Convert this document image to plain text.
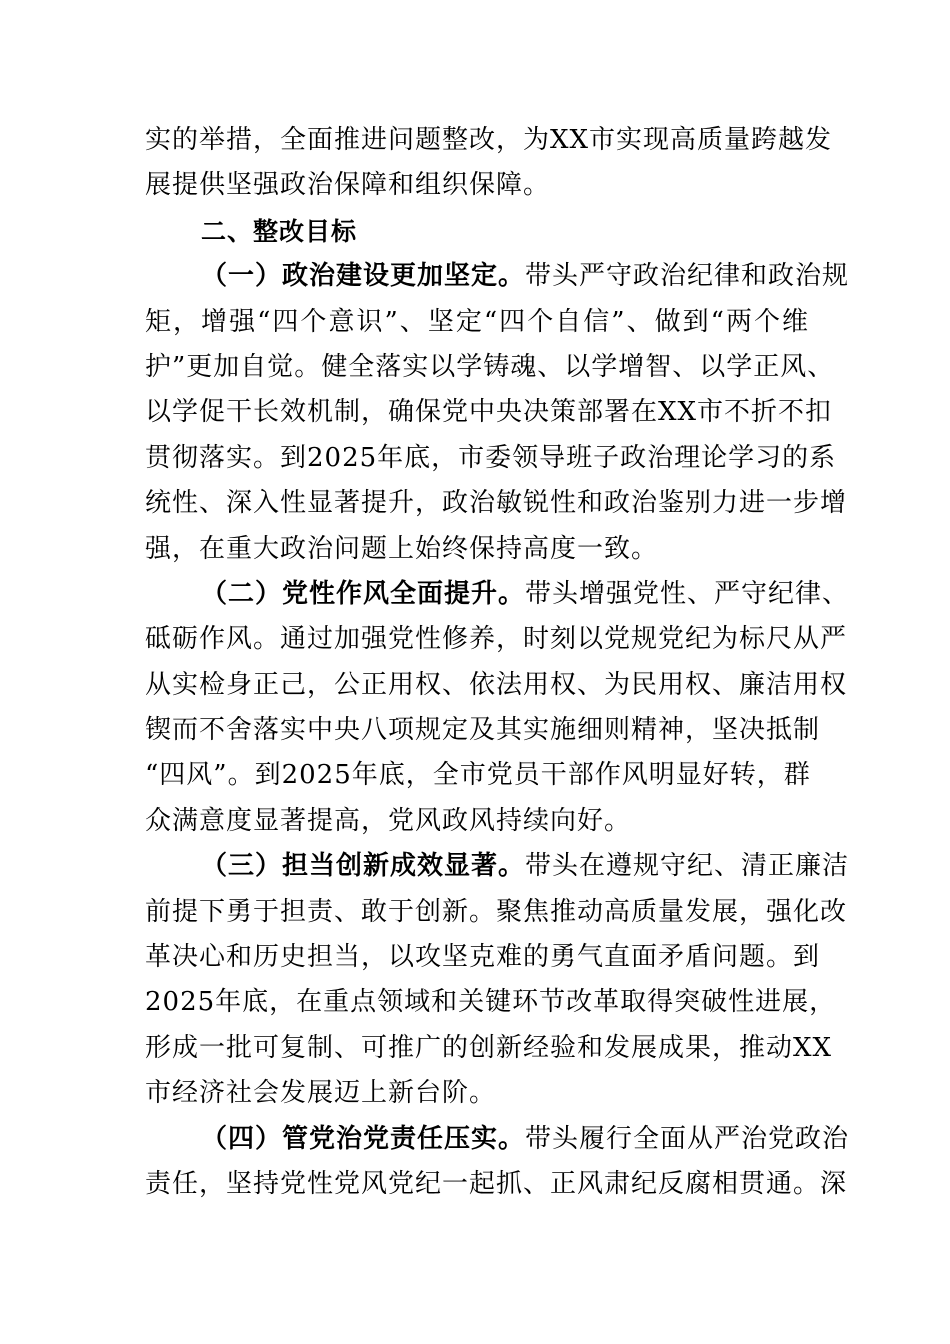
实的举措，全面推进问题整改，为XX市实现高质量跨越发
展提供坚强政治保障和组织保障。
二、整改目标
（一）政治建设更加坚定。带头严守政治纪律和政治规
矩，增强“四个意识”、坚定“四个自信”、做到“两个维
护”更加自觉。健全落实以学铸魂、以学增智、以学正风、
以学促干长效机制，确保党中央决策部署在XX市不折不扣
贯彻落实。到2025年底，市委领导班子政治理论学习的系
统性、深入性显著提升，政治敏锐性和政治鉴别力进一步增
强，在重大政治问题上始终保持高度一致。
（二）党性作风全面提升。带头增强党性、严守纪律、
砥砺作风。通过加强党性修养，时刻以党规党纪为标尺从严
从实检身正己，公正用权、依法用权、为民用权、廉洁用权
锲而不舍落实中央八项规定及其实施细则精神，坚决抵制
“四风”。到2025年底，全市党员干部作风明显好转，群
众满意度显著提高，党风政风持续向好。
（三）担当创新成效显著。带头在遵规守纪、清正廉洁
前提下勇于担责、敢于创新。聚焦推动高质量发展，强化改
革决心和历史担当，以攻坚克难的勇气直面矛盾问题。到
2025年底，在重点领域和关键环节改革取得突破性进展，
形成一批可复制、可推广的创新经验和发展成果，推动XX
市经济社会发展迈上新台阶。
（四）管党治党责任压实。带头履行全面从严治党政治
责任，坚持党性党风党纪一起抓、正风肃纪反腐相贯通。深
